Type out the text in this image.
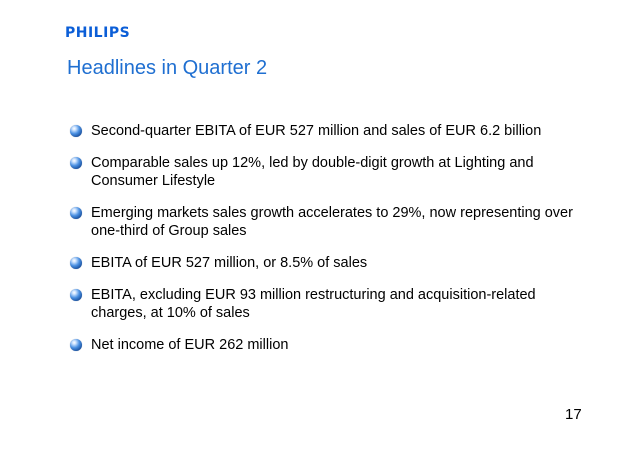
PHILIPS
Headlines in Quarter 2
Second-quarter EBITA of EUR 527 million and sales of EUR 6.2 billion
Comparable sales up 12%, led by double-digit growth at Lighting and Consumer Lifestyle
Emerging markets sales growth accelerates to 29%, now representing over one-third of Group sales
EBITA of EUR 527 million, or 8.5% of sales
EBITA, excluding EUR 93 million restructuring and acquisition-related charges, at 10% of sales
Net income of EUR 262 million
17
